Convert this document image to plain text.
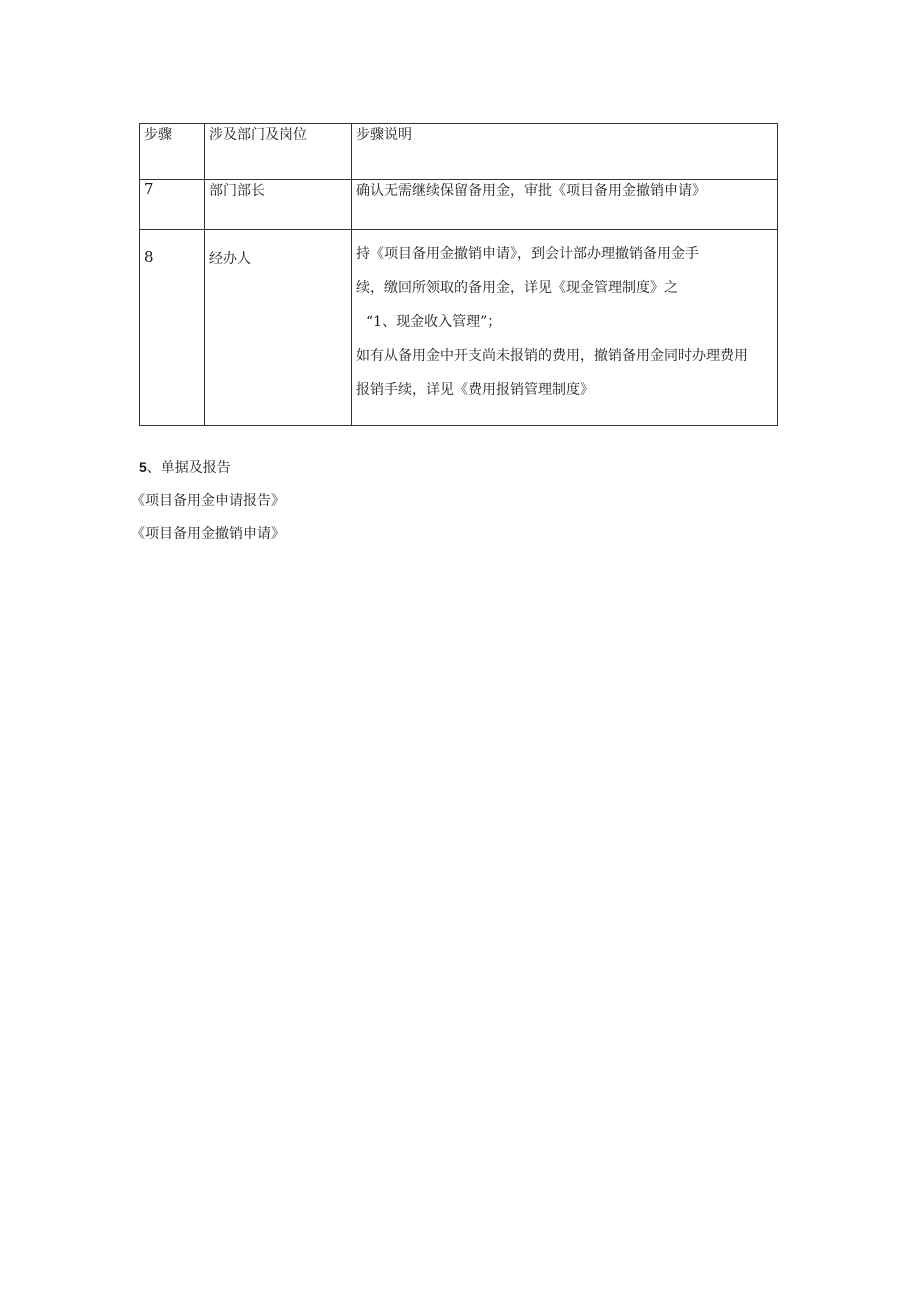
步骤	涉及部门及岗位	步骤说明
7	部门部长	确认无需继续保留备用金，审批《项目备用金撤销申请》

8	经办人	持《项目备用金撤销申请》，到会计部办理撤销备用金手
续，缴回所领取的备用金，详见《现金管理制度》之
“1、现金收入管理”；
如有从备用金中开支尚未报销的费用，撤销备用金同时办理费用
报销手续，详见《费用报销管理制度》
5、单据及报告
《项目备用金申请报告》
《项目备用金撤销申请》
